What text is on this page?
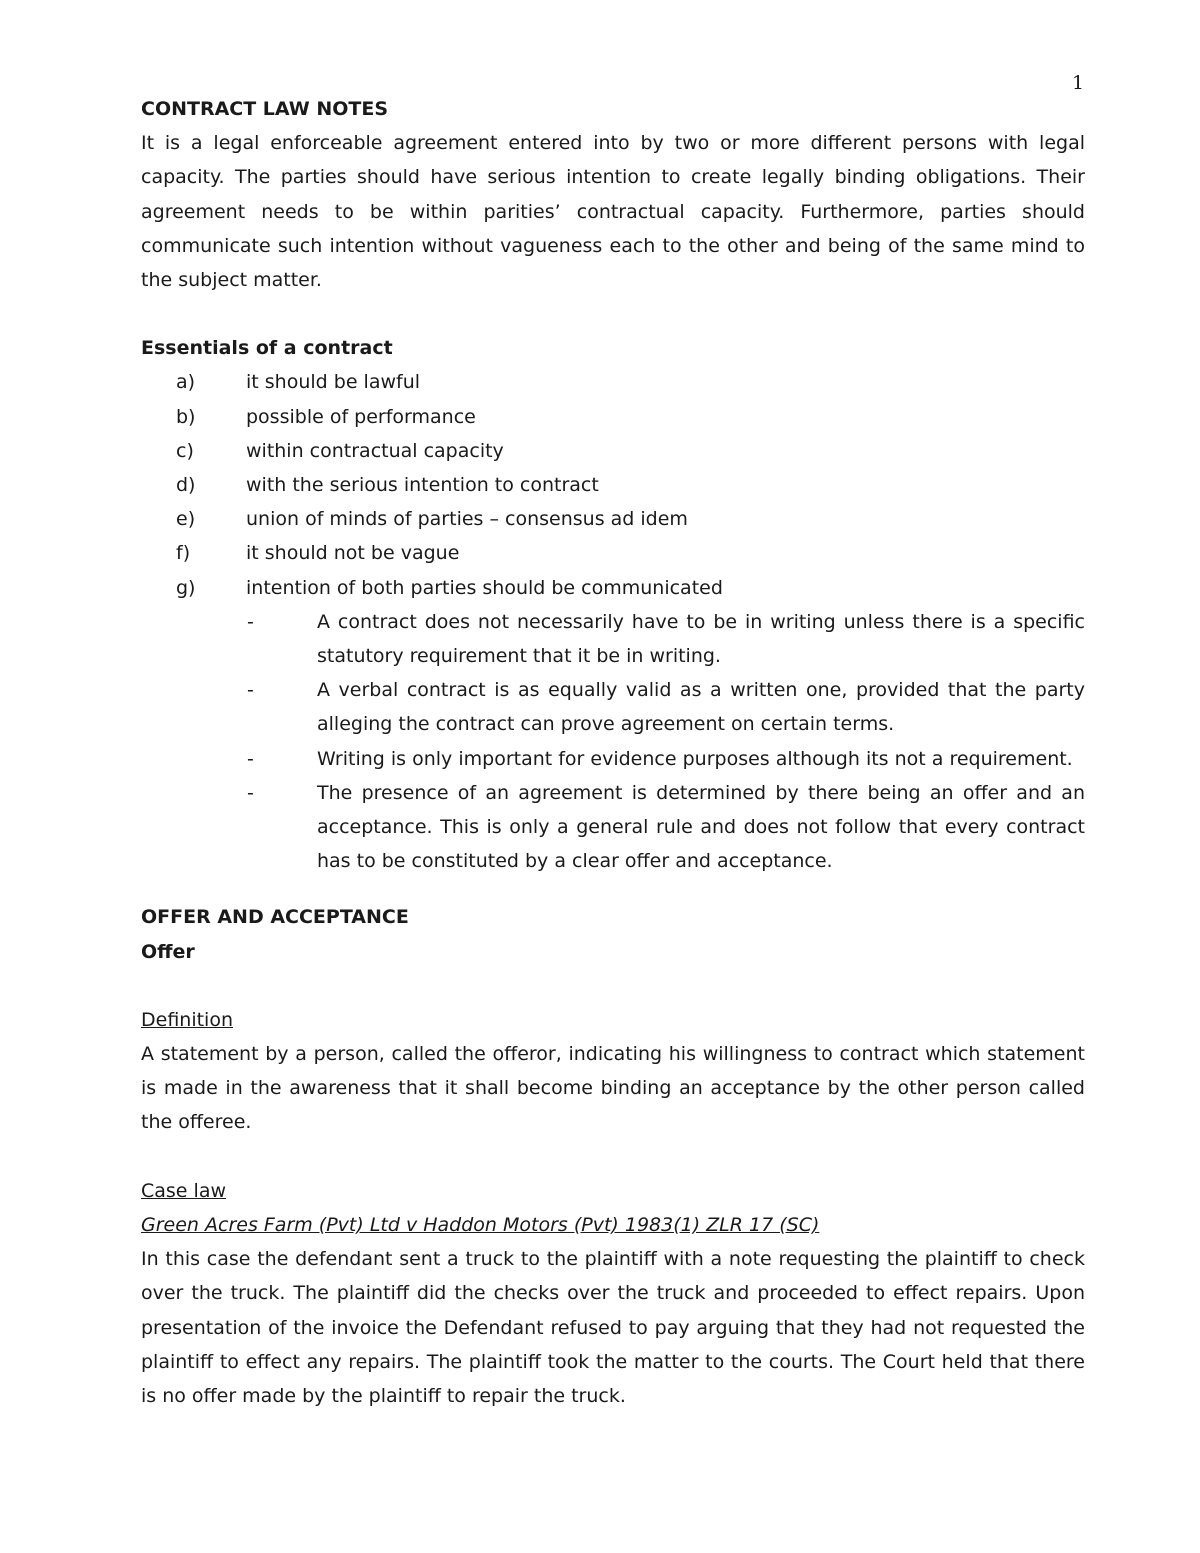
1

CONTRACT LAW NOTES

It is a legal enforceable agreement entered into by two or more different persons with legal capacity. The parties should have serious intention to create legally binding obligations. Their agreement needs to be within parities’ contractual capacity. Furthermore, parties should communicate such intention without vagueness each to the other and being of the same mind to the subject matter.

Essentials of a contract

a)	it should be lawful
b)	possible of performance
c)	within contractual capacity
d)	with the serious intention to contract
e)	union of minds of parties – consensus ad idem
f)	it should not be vague
g)	intention of both parties should be communicated
-	A contract does not necessarily have to be in writing unless there is a specific statutory requirement that it be in writing.
-	A verbal contract is as equally valid as a written one, provided that the party alleging the contract can prove agreement on certain terms.
-	Writing is only important for evidence purposes although its not a requirement.
-	The presence of an agreement is determined by there being an offer and an acceptance. This is only a general rule and does not follow that every contract has to be constituted by a clear offer and acceptance.

OFFER AND ACCEPTANCE

Offer

Definition

A statement by a person, called the offeror, indicating his willingness to contract which statement is made in the awareness that it shall become binding an acceptance by the other person called the offeree.

Case law

Green Acres Farm (Pvt) Ltd v Haddon Motors (Pvt) 1983(1) ZLR 17 (SC)

In this case the defendant sent a truck to the plaintiff with a note requesting the plaintiff to check over the truck. The plaintiff did the checks over the truck and proceeded to effect repairs. Upon presentation of the invoice the Defendant refused to pay arguing that they had not requested the plaintiff to effect any repairs. The plaintiff took the matter to the courts. The Court held that there is no offer made by the plaintiff to repair the truck.
